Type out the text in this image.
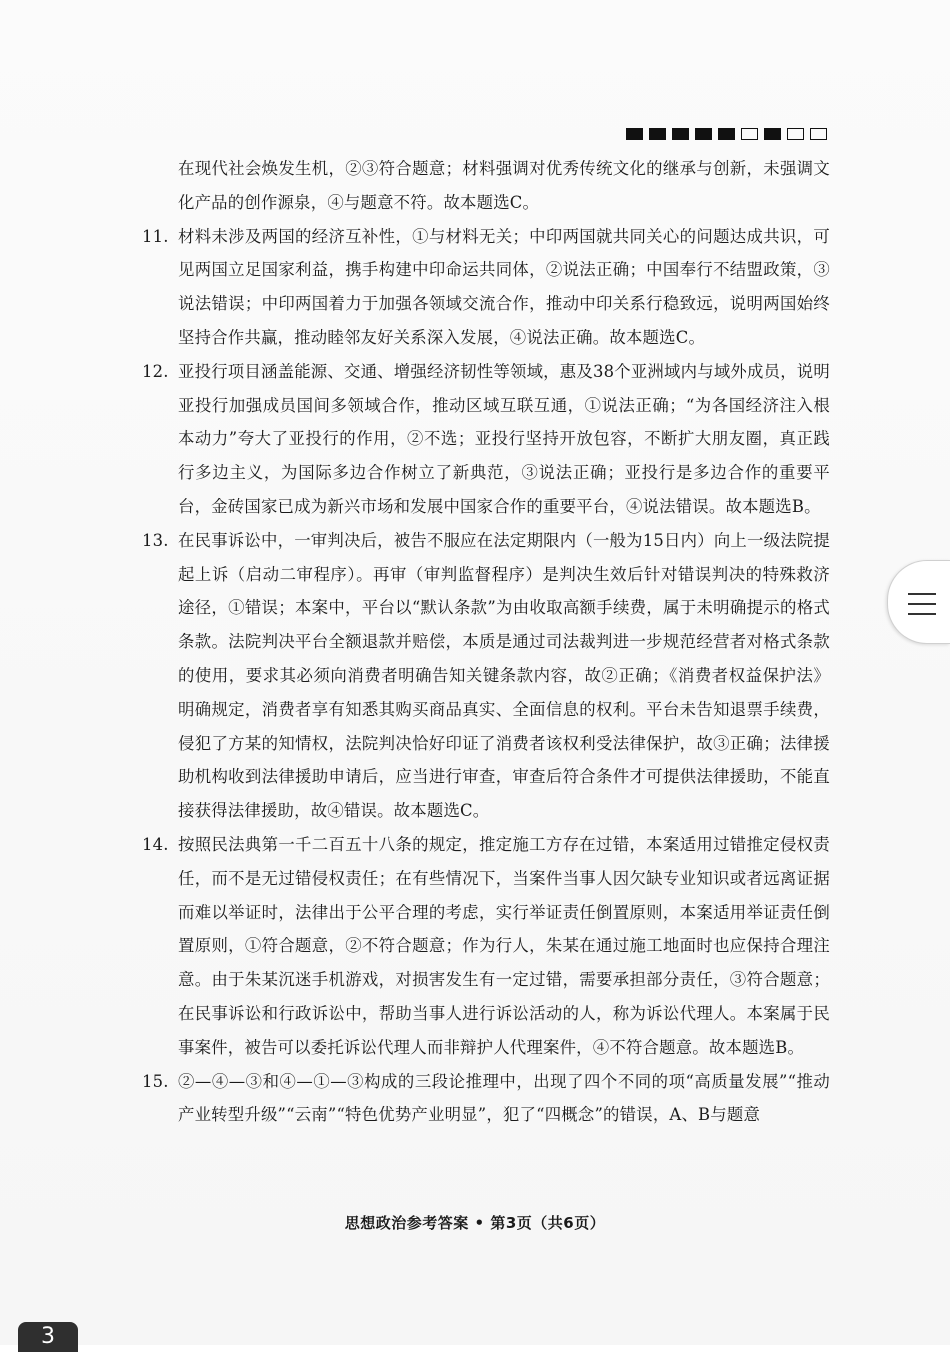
在现代社会焕发生机，②③符合题意；材料强调对优秀传统文化的继承与创新，未强调文化产品的创作源泉，④与题意不符。故本题选C。
11. 材料未涉及两国的经济互补性，①与材料无关；中印两国就共同关心的问题达成共识，可见两国立足国家利益，携手构建中印命运共同体，②说法正确；中国奉行不结盟政策，③说法错误；中印两国着力于加强各领域交流合作，推动中印关系行稳致远，说明两国始终坚持合作共赢，推动睦邻友好关系深入发展，④说法正确。故本题选C。
12. 亚投行项目涵盖能源、交通、增强经济韧性等领域，惠及38个亚洲域内与域外成员，说明亚投行加强成员国间多领域合作，推动区域互联互通，①说法正确；“为各国经济注入根本动力”夸大了亚投行的作用，②不选；亚投行坚持开放包容，不断扩大朋友圈，真正践行多边主义，为国际多边合作树立了新典范，③说法正确；亚投行是多边合作的重要平台，金砖国家已成为新兴市场和发展中国家合作的重要平台，④说法错误。故本题选B。
13. 在民事诉讼中，一审判决后，被告不服应在法定期限内（一般为15日内）向上一级法院提起上诉（启动二审程序）。再审（审判监督程序）是判决生效后针对错误判决的特殊救济途径，①错误；本案中，平台以“默认条款”为由收取高额手续费，属于未明确提示的格式条款。法院判决平台全额退款并赔偿，本质是通过司法裁判进一步规范经营者对格式条款的使用，要求其必须向消费者明确告知关键条款内容，故②正确；《消费者权益保护法》明确规定，消费者享有知悉其购买商品真实、全面信息的权利。平台未告知退票手续费，侵犯了方某的知情权，法院判决恰好印证了消费者该权利受法律保护，故③正确；法律援助机构收到法律援助申请后，应当进行审查，审查后符合条件才可提供法律援助，不能直接获得法律援助，故④错误。故本题选C。
14. 按照民法典第一千二百五十八条的规定，推定施工方存在过错，本案适用过错推定侵权责任，而不是无过错侵权责任；在有些情况下，当案件当事人因欠缺专业知识或者远离证据而难以举证时，法律出于公平合理的考虑，实行举证责任倒置原则，本案适用举证责任倒置原则，①符合题意，②不符合题意；作为行人，朱某在通过施工地面时也应保持合理注意。由于朱某沉迷手机游戏，对损害发生有一定过错，需要承担部分责任，③符合题意；在民事诉讼和行政诉讼中，帮助当事人进行诉讼活动的人，称为诉讼代理人。本案属于民事案件，被告可以委托诉讼代理人而非辩护人代理案件，④不符合题意。故本题选B。
15. ②—④—③和④—①—③构成的三段论推理中，出现了四个不同的项“高质量发展”“推动产业转型升级”“云南”“特色优势产业明显”，犯了“四概念”的错误，A、B与题意
思想政治参考答案 • 第3页（共6页）
3
